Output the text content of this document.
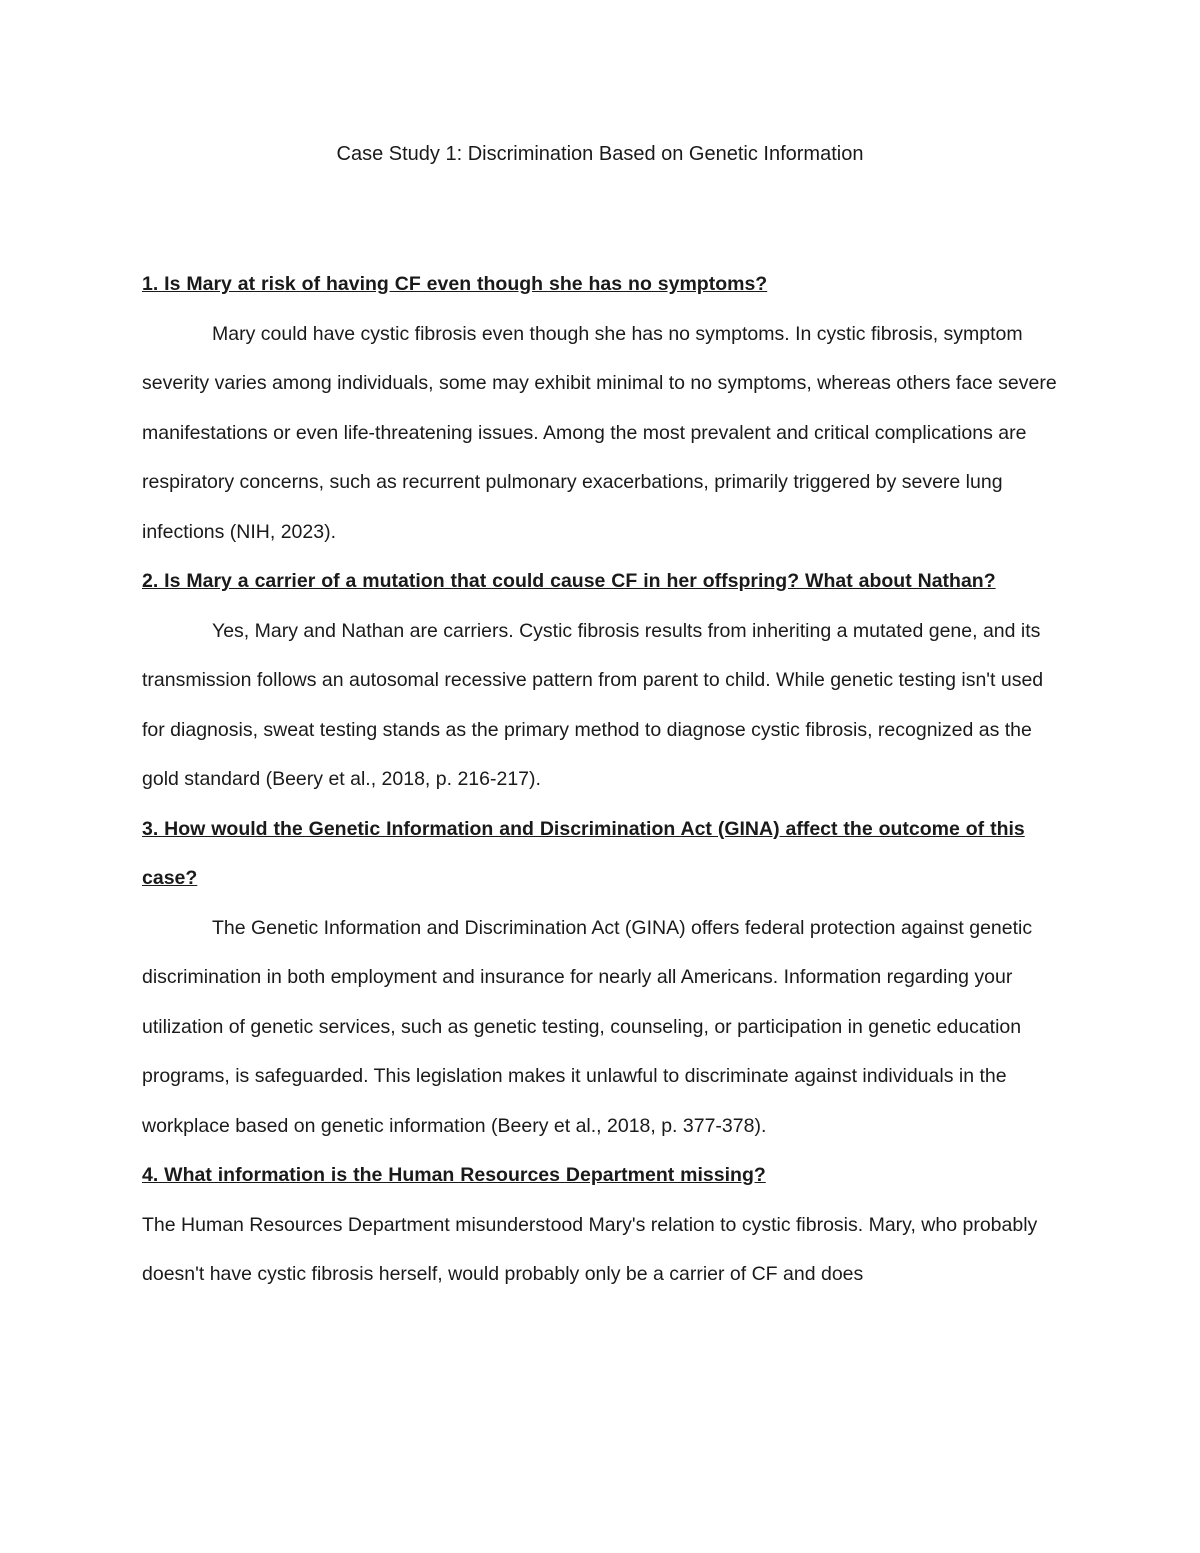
Case Study 1: Discrimination Based on Genetic Information

1. Is Mary at risk of having CF even though she has no symptoms?

Mary could have cystic fibrosis even though she has no symptoms. In cystic fibrosis, symptom severity varies among individuals, some may exhibit minimal to no symptoms, whereas others face severe manifestations or even life-threatening issues. Among the most prevalent and critical complications are respiratory concerns, such as recurrent pulmonary exacerbations, primarily triggered by severe lung infections (NIH, 2023).

2. Is Mary a carrier of a mutation that could cause CF in her offspring? What about Nathan?

Yes, Mary and Nathan are carriers. Cystic fibrosis results from inheriting a mutated gene, and its transmission follows an autosomal recessive pattern from parent to child. While genetic testing isn't used for diagnosis, sweat testing stands as the primary method to diagnose cystic fibrosis, recognized as the gold standard (Beery et al., 2018, p. 216-217).

3. How would the Genetic Information and Discrimination Act (GINA) affect the outcome of this case?

The Genetic Information and Discrimination Act (GINA) offers federal protection against genetic discrimination in both employment and insurance for nearly all Americans. Information regarding your utilization of genetic services, such as genetic testing, counseling, or participation in genetic education programs, is safeguarded. This legislation makes it unlawful to discriminate against individuals in the workplace based on genetic information (Beery et al., 2018, p. 377-378).

4. What information is the Human Resources Department missing?

The Human Resources Department misunderstood Mary's relation to cystic fibrosis. Mary, who probably doesn't have cystic fibrosis herself, would probably only be a carrier of CF and does
